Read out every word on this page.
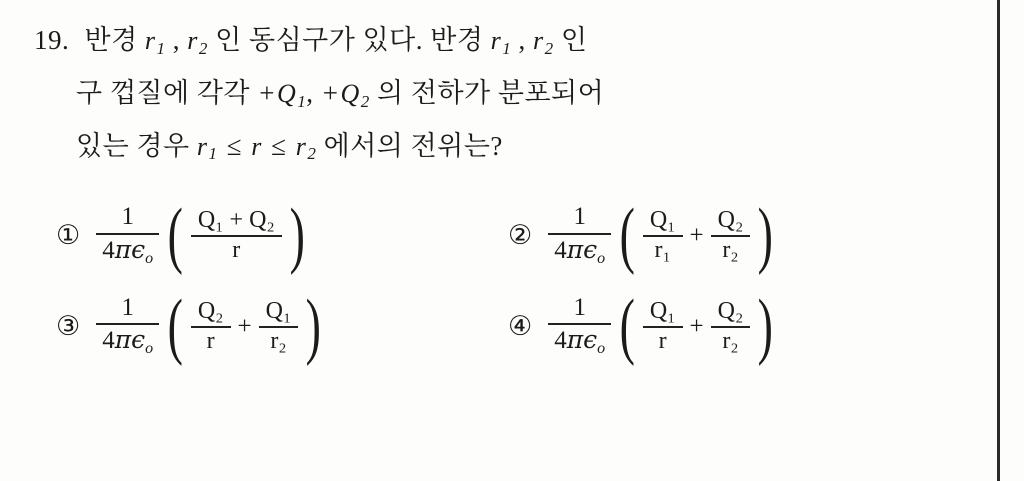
19. 반경 $r_1$ , $r_2$ 인 동심구가 있다. 반경 $r_1$ , $r_2$ 인
구 껍질에 각각 $+Q_1$, $+Q_2$ 의 전하가 분포되어
있는 경우 $r_1 \le r \le r_2$ 에서의 전위는?
① $\frac{1}{\text{4πϵo}}$ ( $\frac{\text{Q₁ + Q₂}}{r}$ )	② $\frac{1}{\text{4πϵo}}$ ( $\frac{\text{Q₁}}{\text{r₁}} + \frac{\text{Q₂}}{\text{r₂}}$ )
③ $\frac{1}{\text{4πϵo}}$ ( $\frac{\text{Q₂}}{r} + \frac{\text{Q₁}}{\text{r₂}}$ )	④ $\frac{1}{\text{4πϵo}}$ ( $\frac{\text{Q₁}}{r} + \frac{\text{Q₂}}{\text{r₂}}$ )
